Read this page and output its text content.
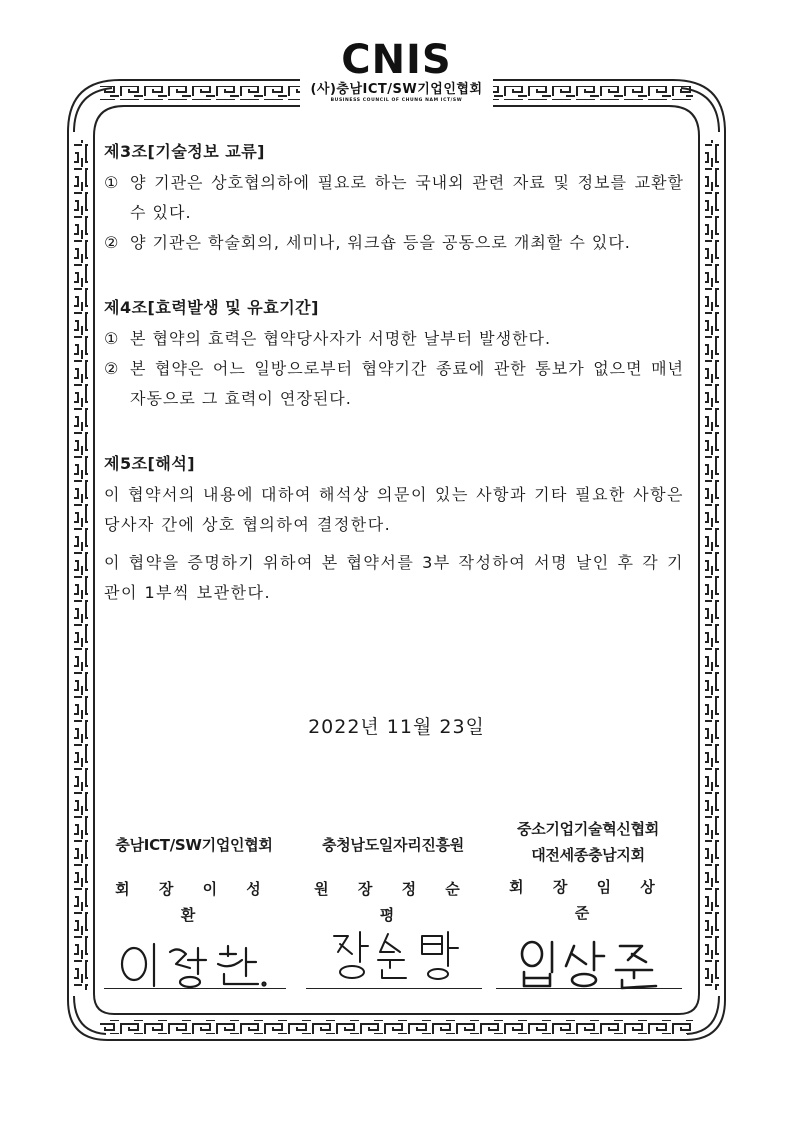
CNIS
(사)충남ICT/SW기업인협회
BUSINESS COUNCIL OF CHUNG NAM ICT/SW
제3조[기술정보 교류]
① 양 기관은 상호협의하에 필요로 하는 국내외 관련 자료 및 정보를 교환할 수 있다.
② 양 기관은 학술회의, 세미나, 워크숍 등을 공동으로 개최할 수 있다.
제4조[효력발생 및 유효기간]
① 본 협약의 효력은 협약당사자가 서명한 날부터 발생한다.
② 본 협약은 어느 일방으로부터 협약기간 종료에 관한 통보가 없으면 매년 자동으로 그 효력이 연장된다.
제5조[해석]
이 협약서의 내용에 대하여 해석상 의문이 있는 사항과 기타 필요한 사항은 당사자 간에 상호 협의하여 결정한다.
이 협약을 증명하기 위하여 본 협약서를 3부 작성하여 서명 날인 후 각 기관이 1부씩 보관한다.
2022년 11월 23일
충남ICT/SW기업인협회
회 장 이 성 환
충청남도일자리진흥원
원 장 정 순 평
중소기업기술혁신협회
대전세종충남지회
회 장 임 상 준
